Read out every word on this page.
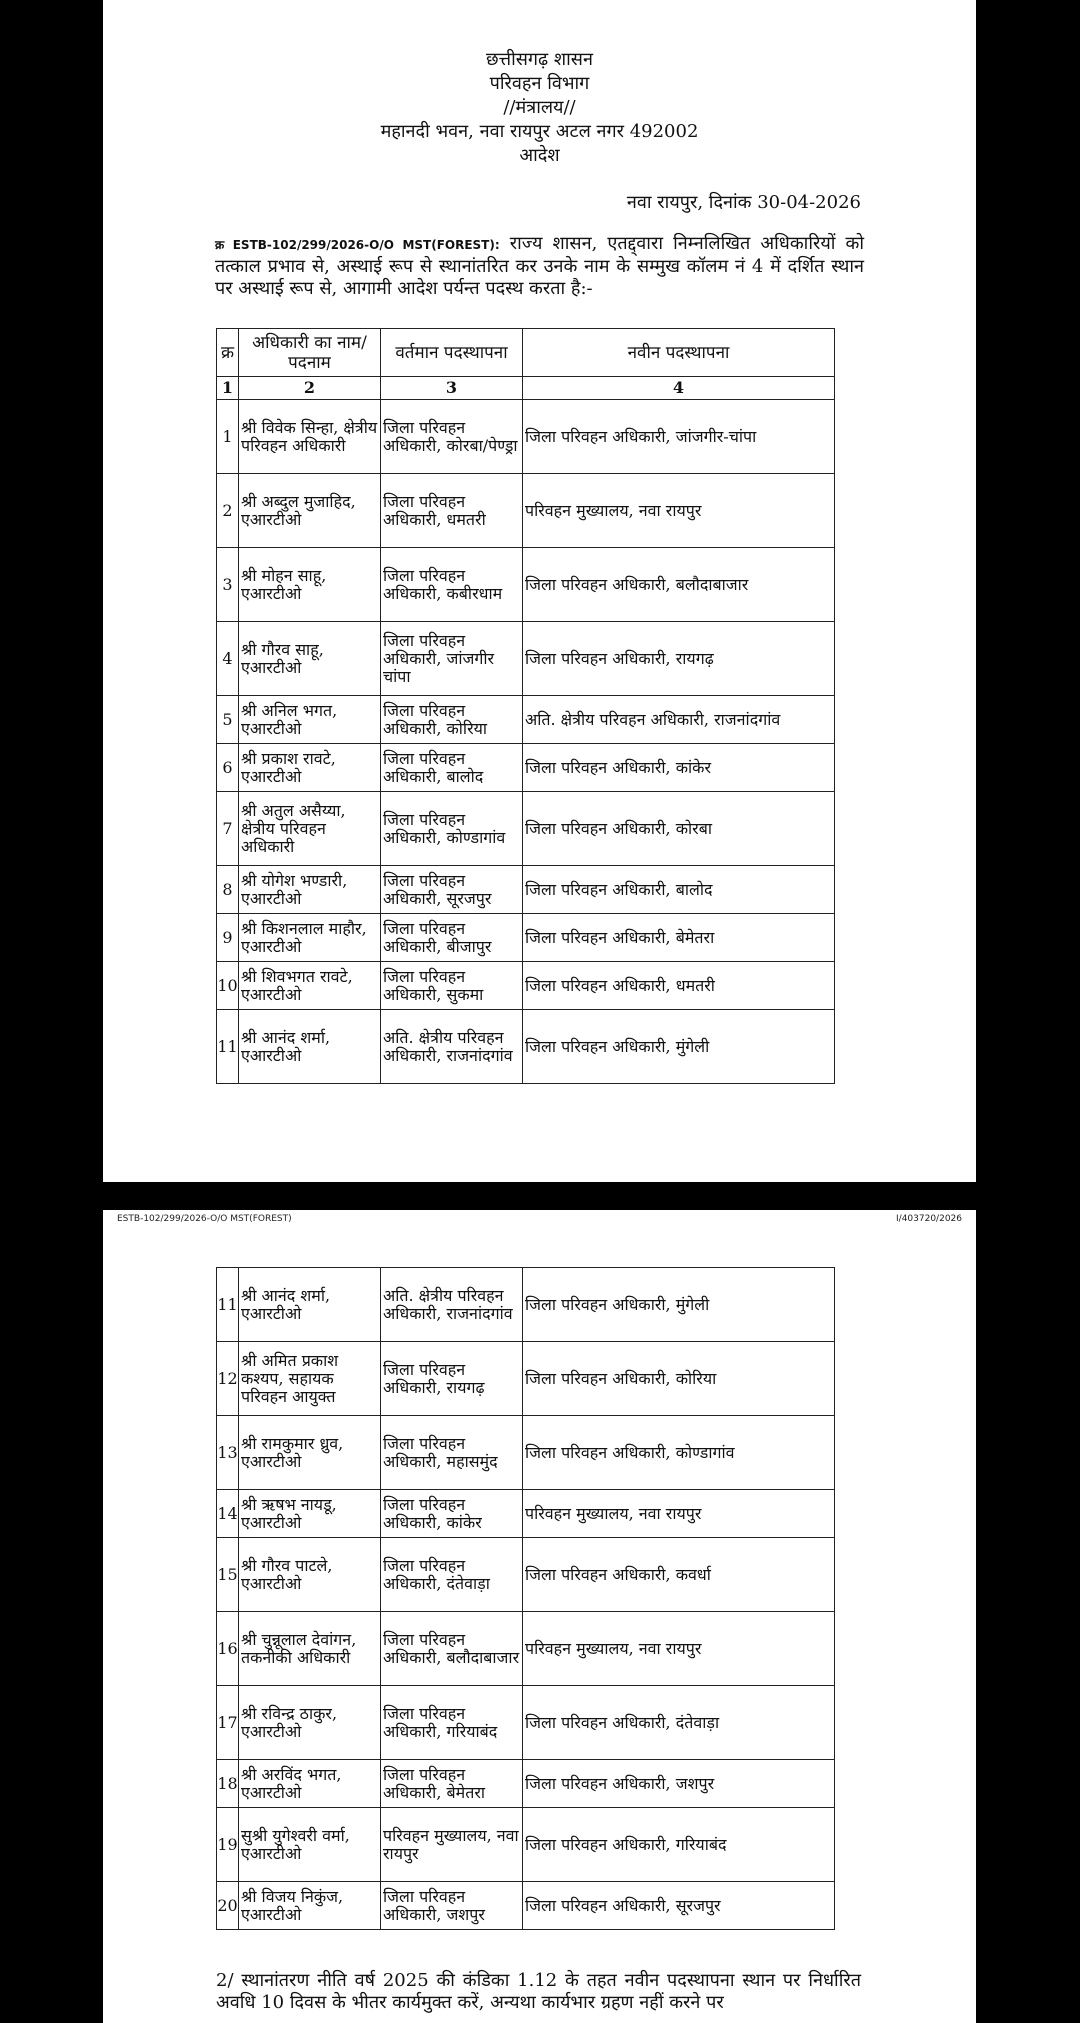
छत्तीसगढ़ शासन
परिवहन विभाग
//मंत्रालय//
महानदी भवन, नवा रायपुर अटल नगर 492002
आदेश
नवा रायपुर, दिनांक 30-04-2026
क्र ESTB-102/299/2026-O/O MST(FOREST): राज्य शासन, एतद्द्वारा निम्नलिखित अधिकारियों को तत्काल प्रभाव से, अस्थाई रूप से स्थानांतरित कर उनके नाम के सम्मुख कॉलम नं 4 में दर्शित स्थान पर अस्थाई रूप से, आगामी आदेश पर्यन्त पदस्थ करता है:-
क्र	अधिकारी का नाम/पदनाम	वर्तमान पदस्थापना	नवीन पदस्थापना
1	2	3	4
1	श्री विवेक सिन्हा, क्षेत्रीय परिवहन अधिकारी	जिला परिवहन अधिकारी, कोरबा/पेण्ड्रा	जिला परिवहन अधिकारी, जांजगीर-चांपा
2	श्री अब्दुल मुजाहिद, एआरटीओ	जिला परिवहन अधिकारी, धमतरी	परिवहन मुख्यालय, नवा रायपुर
3	श्री मोहन साहू, एआरटीओ	जिला परिवहन अधिकारी, कबीरधाम	जिला परिवहन अधिकारी, बलौदाबाजार
4	श्री गौरव साहू, एआरटीओ	जिला परिवहन अधिकारी, जांजगीर चांपा	जिला परिवहन अधिकारी, रायगढ़
5	श्री अनिल भगत, एआरटीओ	जिला परिवहन अधिकारी, कोरिया	अति. क्षेत्रीय परिवहन अधिकारी, राजनांदगांव
6	श्री प्रकाश रावटे, एआरटीओ	जिला परिवहन अधिकारी, बालोद	जिला परिवहन अधिकारी, कांकेर
7	श्री अतुल असैय्या, क्षेत्रीय परिवहन अधिकारी	जिला परिवहन अधिकारी, कोण्डागांव	जिला परिवहन अधिकारी, कोरबा
8	श्री योगेश भण्डारी, एआरटीओ	जिला परिवहन अधिकारी, सूरजपुर	जिला परिवहन अधिकारी, बालोद
9	श्री किशनलाल माहौर, एआरटीओ	जिला परिवहन अधिकारी, बीजापुर	जिला परिवहन अधिकारी, बेमेतरा
10	श्री शिवभगत रावटे, एआरटीओ	जिला परिवहन अधिकारी, सुकमा	जिला परिवहन अधिकारी, धमतरी
11	श्री आनंद शर्मा, एआरटीओ	अति. क्षेत्रीय परिवहन अधिकारी, राजनांदगांव	जिला परिवहन अधिकारी, मुंगेली
ESTB-102/299/2026-O/O MST(FOREST)	I/403720/2026
11	श्री आनंद शर्मा, एआरटीओ	अति. क्षेत्रीय परिवहन अधिकारी, राजनांदगांव	जिला परिवहन अधिकारी, मुंगेली
12	श्री अमित प्रकाश कश्यप, सहायक परिवहन आयुक्त	जिला परिवहन अधिकारी, रायगढ़	जिला परिवहन अधिकारी, कोरिया
13	श्री रामकुमार ध्रुव, एआरटीओ	जिला परिवहन अधिकारी, महासमुंद	जिला परिवहन अधिकारी, कोण्डागांव
14	श्री ऋषभ नायडू, एआरटीओ	जिला परिवहन अधिकारी, कांकेर	परिवहन मुख्यालय, नवा रायपुर
15	श्री गौरव पाटले, एआरटीओ	जिला परिवहन अधिकारी, दंतेवाड़ा	जिला परिवहन अधिकारी, कवर्धा
16	श्री चुन्नूलाल देवांगन, तकनीकी अधिकारी	जिला परिवहन अधिकारी, बलौदाबाजार	परिवहन मुख्यालय, नवा रायपुर
17	श्री रविन्द्र ठाकुर, एआरटीओ	जिला परिवहन अधिकारी, गरियाबंद	जिला परिवहन अधिकारी, दंतेवाड़ा
18	श्री अरविंद भगत, एआरटीओ	जिला परिवहन अधिकारी, बेमेतरा	जिला परिवहन अधिकारी, जशपुर
19	सुश्री युगेश्वरी वर्मा, एआरटीओ	परिवहन मुख्यालय, नवा रायपुर	जिला परिवहन अधिकारी, गरियाबंद
20	श्री विजय निकुंज, एआरटीओ	जिला परिवहन अधिकारी, जशपुर	जिला परिवहन अधिकारी, सूरजपुर
2/ स्थानांतरण नीति वर्ष 2025 की कंडिका 1.12 के तहत नवीन पदस्थापना स्थान पर निर्धारित अवधि 10 दिवस के भीतर कार्यमुक्त करें, अन्यथा कार्यभार ग्रहण नहीं करने पर
